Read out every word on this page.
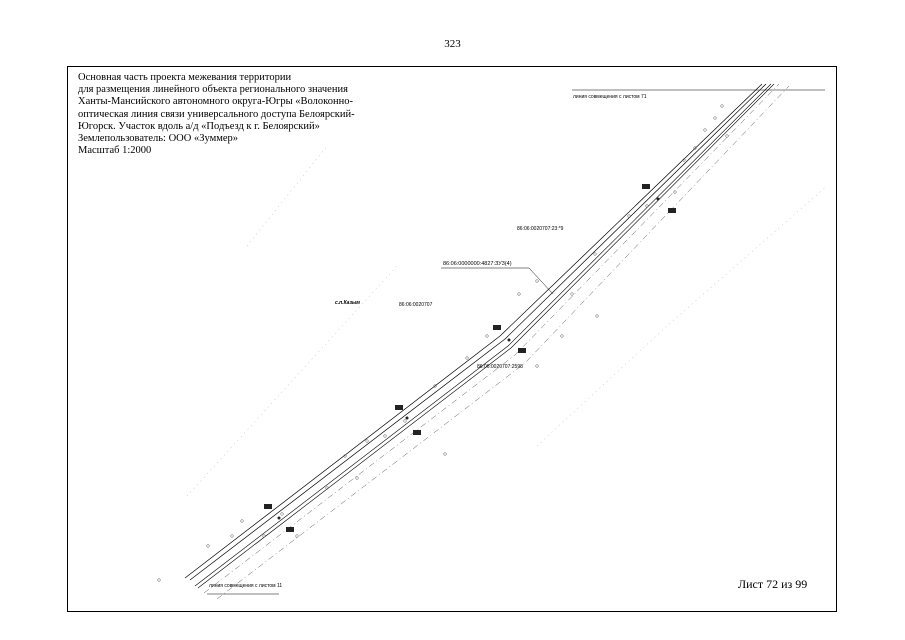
323
Основная часть проекта межевания территории
для размещения линейного объекта регионального значения
Ханты-Мансийского автономного округа-Югры «Волоконно-
оптическая линия связи универсального доступа Белоярский-
Югорск. Участок вдоль а/д «Подъезд к г. Белоярский»
Землепользователь: ООО «Зуммер»
Масштаб 1:2000
линия совмещения с листом 71
86:06:0020707:23:*9
86:06:0000000:4827:ЗУ3(4)
с.п.Казым	86:06:0020707
86:06:0020707:2598
линия совмещения с листом 11	Лист 72 из 99
